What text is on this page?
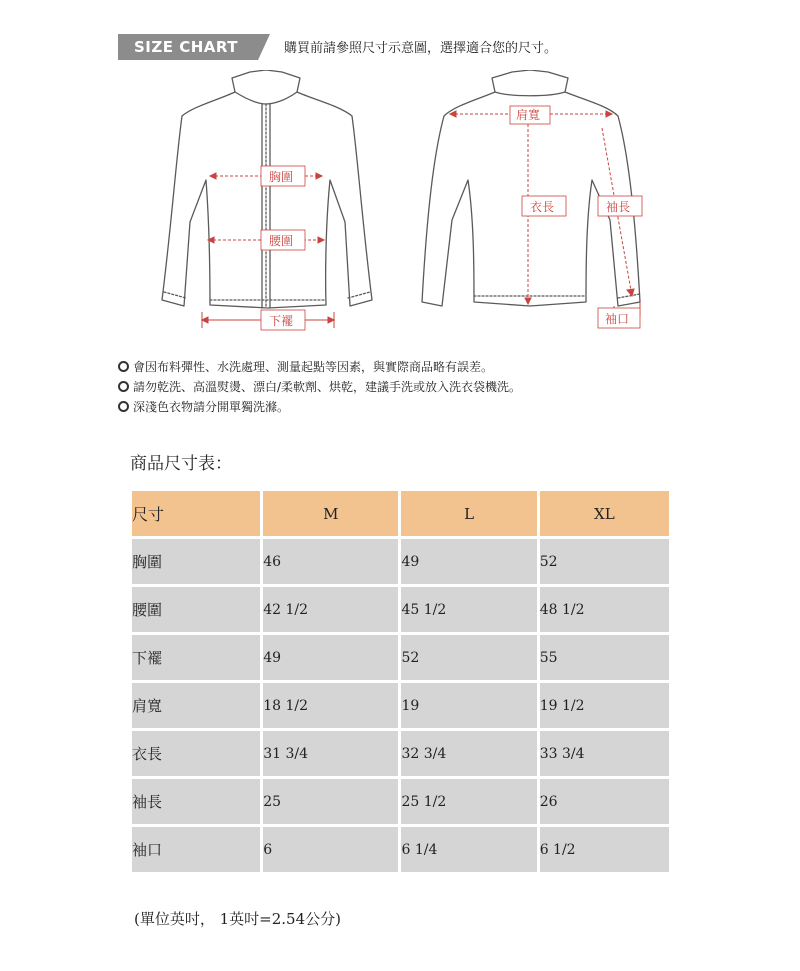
SIZE CHART	購買前請參照尺寸示意圖，選擇適合您的尺寸。
胸圍
腰圍
下襬
肩寬
衣長	袖長
袖口
會因布料彈性、水洗處理、測量起點等因素，與實際商品略有誤差。
請勿乾洗、高溫熨燙、漂白/柔軟劑、烘乾，建議手洗或放入洗衣袋機洗。
深淺色衣物請分開單獨洗滌。
商品尺寸表：
尺寸	M	L	XL
胸圍	46	49	52
腰圍	42 1/2	45 1/2	48 1/2
下襬	49	52	55
肩寬	18 1/2	19	19 1/2
衣長	31 3/4	32 3/4	33 3/4
袖長	25	25 1/2	26
袖口	6	6 1/4	6 1/2
(單位英吋， 1英吋=2.54公分)
